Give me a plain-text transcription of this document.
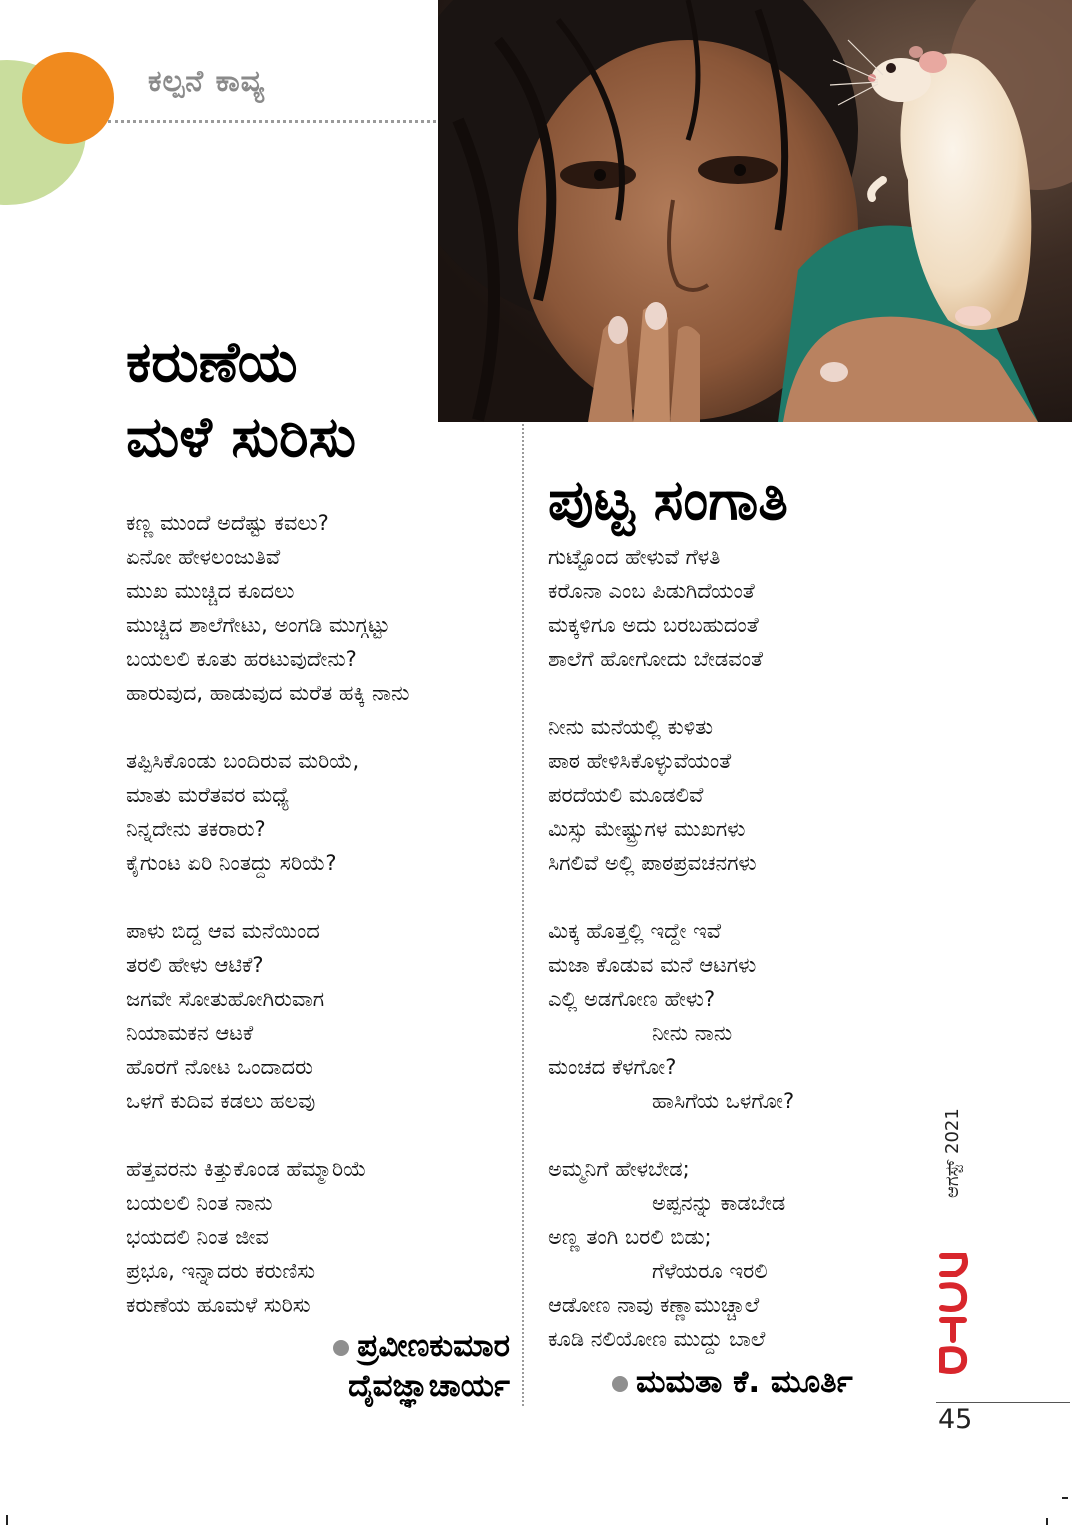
ಕಲ್ಪನೆ ಕಾವ್ಯ
ಕರುಣೆಯ
ಮಳೆ ಸುರಿಸು
ಕಣ್ಣ ಮುಂದೆ ಅದೆಷ್ಟು ಕವಲು?
ಏನೋ ಹೇಳಲಂಜುತಿವೆ
ಮುಖ ಮುಚ್ಚಿದ ಕೂದಲು
ಮುಚ್ಚಿದ ಶಾಲೆಗೇಟು, ಅಂಗಡಿ ಮುಗ್ಗಟ್ಟು
ಬಯಲಲಿ ಕೂತು ಹರಟುವುದೇನು?
ಹಾರುವುದ, ಹಾಡುವುದ ಮರೆತ ಹಕ್ಕಿ ನಾನು
ತಪ್ಪಿಸಿಕೊಂಡು ಬಂದಿರುವ ಮರಿಯೆ,
ಮಾತು ಮರೆತವರ ಮಧ್ಯೆ
ನಿನ್ನದೇನು ತಕರಾರು?
ಕೈಗುಂಟ ಏರಿ ನಿಂತದ್ದು ಸರಿಯೆ?
ಪಾಳು ಬಿದ್ದ ಆವ ಮನೆಯಿಂದ
ತರಲಿ ಹೇಳು ಆಟಿಕೆ?
ಜಗವೇ ಸೋತುಹೋಗಿರುವಾಗ
ನಿಯಾಮಕನ ಆಟಕೆ
ಹೊರಗೆ ನೋಟ ಒಂದಾದರು
ಒಳಗೆ ಕುದಿವ ಕಡಲು ಹಲವು
ಹೆತ್ತವರನು ಕಿತ್ತುಕೊಂಡ ಹೆಮ್ಮಾರಿಯೆ
ಬಯಲಲಿ ನಿಂತ ನಾನು
ಭಯದಲಿ ನಿಂತ ಜೀವ
ಪ್ರಭೂ, ಇನ್ನಾದರು ಕರುಣಿಸು
ಕರುಣೆಯ ಹೂಮಳೆ ಸುರಿಸು
ಪ್ರವೀಣಕುಮಾರ
ದೈವಜ್ಞಾಚಾರ್ಯ
ಪುಟ್ಟ ಸಂಗಾತಿ
ಗುಟ್ಟೊಂದ ಹೇಳುವೆ ಗೆಳತಿ
ಕರೊನಾ ಎಂಬ ಪಿಡುಗಿದೆಯಂತೆ
ಮಕ್ಕಳಿಗೂ ಅದು ಬರಬಹುದಂತೆ
ಶಾಲೆಗೆ ಹೋಗೋದು ಬೇಡವಂತೆ
ನೀನು ಮನೆಯಲ್ಲಿ ಕುಳಿತು
ಪಾಠ ಹೇಳಿಸಿಕೊಳ್ಳುವೆಯಂತೆ
ಪರದೆಯಲಿ ಮೂಡಲಿವೆ
ಮಿಸ್ಸು ಮೇಷ್ಟ್ರುಗಳ ಮುಖಗಳು
ಸಿಗಲಿವೆ ಅಲ್ಲಿ ಪಾಠಪ್ರವಚನಗಳು
ಮಿಕ್ಕ ಹೊತ್ತಲ್ಲಿ ಇದ್ದೇ ಇವೆ
ಮಜಾ ಕೊಡುವ ಮನೆ ಆಟಗಳು
ಎಲ್ಲಿ ಅಡಗೋಣ ಹೇಳು?
ನೀನು ನಾನು
ಮಂಚದ ಕೆಳಗೋ?
ಹಾಸಿಗೆಯ ಒಳಗೋ?
ಅಮ್ಮನಿಗೆ ಹೇಳಬೇಡ;
ಅಪ್ಪನನ್ನು ಕಾಡಬೇಡ
ಅಣ್ಣ ತಂಗಿ ಬರಲಿ ಬಿಡು;
ಗೆಳೆಯರೂ ಇರಲಿ
ಆಡೋಣ ನಾವು ಕಣ್ಣಾಮುಚ್ಚಾಲೆ
ಕೂಡಿ ನಲಿಯೋಣ ಮುದ್ದು ಬಾಲೆ
ಮಮತಾ ಕೆ. ಮೂರ್ತಿ
ಆಗಸ್ಟ್ 2021
45
